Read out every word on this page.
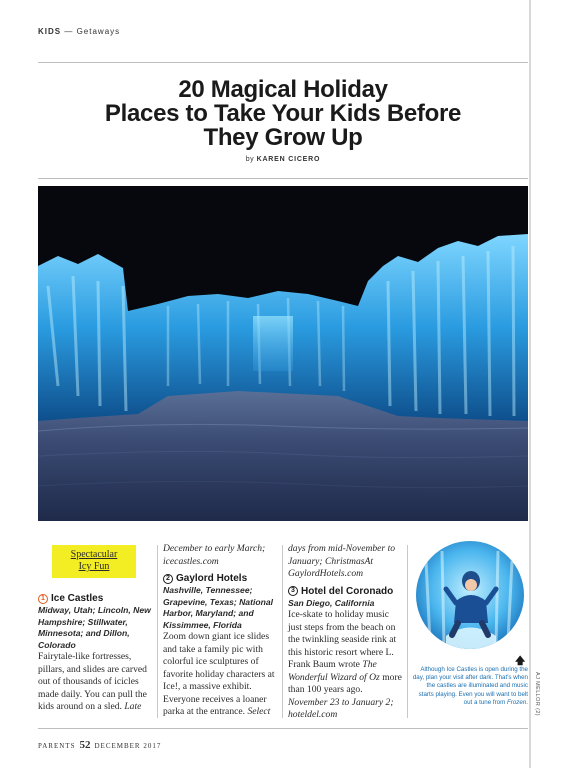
KIDS — Getaways
20 Magical Holiday
Places to Take Your Kids Before
They Grow Up
by KAREN CICERO
Spectacular
Icy Fun
1 Ice Castles
Midway, Utah; Lincoln, New Hampshire; Stillwater, Minnesota; and Dillon, Colorado
Fairytale-like fortresses, pillars, and slides are carved out of thousands of icicles made daily. You can pull the kids around on a sled. Late
December to early March; icecastles.com
2 Gaylord Hotels
Nashville, Tennessee; Grapevine, Texas; National Harbor, Maryland; and Kissimmee, Florida
Zoom down giant ice slides and take a family pic with colorful ice sculptures of favorite holiday characters at Ice!, a massive exhibit. Everyone receives a loaner parka at the entrance. Select
days from mid-November to January; ChristmasAt GaylordHotels.com
3 Hotel del Coronado
San Diego, California
Ice-skate to holiday music just steps from the beach on the twinkling seaside rink at this historic resort where L. Frank Baum wrote The Wonderful Wizard of Oz more than 100 years ago. November 23 to January 2; hoteldel.com
🡅
Although Ice Castles is open during the day, plan your visit after dark. That's when the castles are illuminated and music starts playing. Even you will want to belt out a tune from Frozen. AJ MELLOR (2)
PARENTS 52 DECEMBER 2017
